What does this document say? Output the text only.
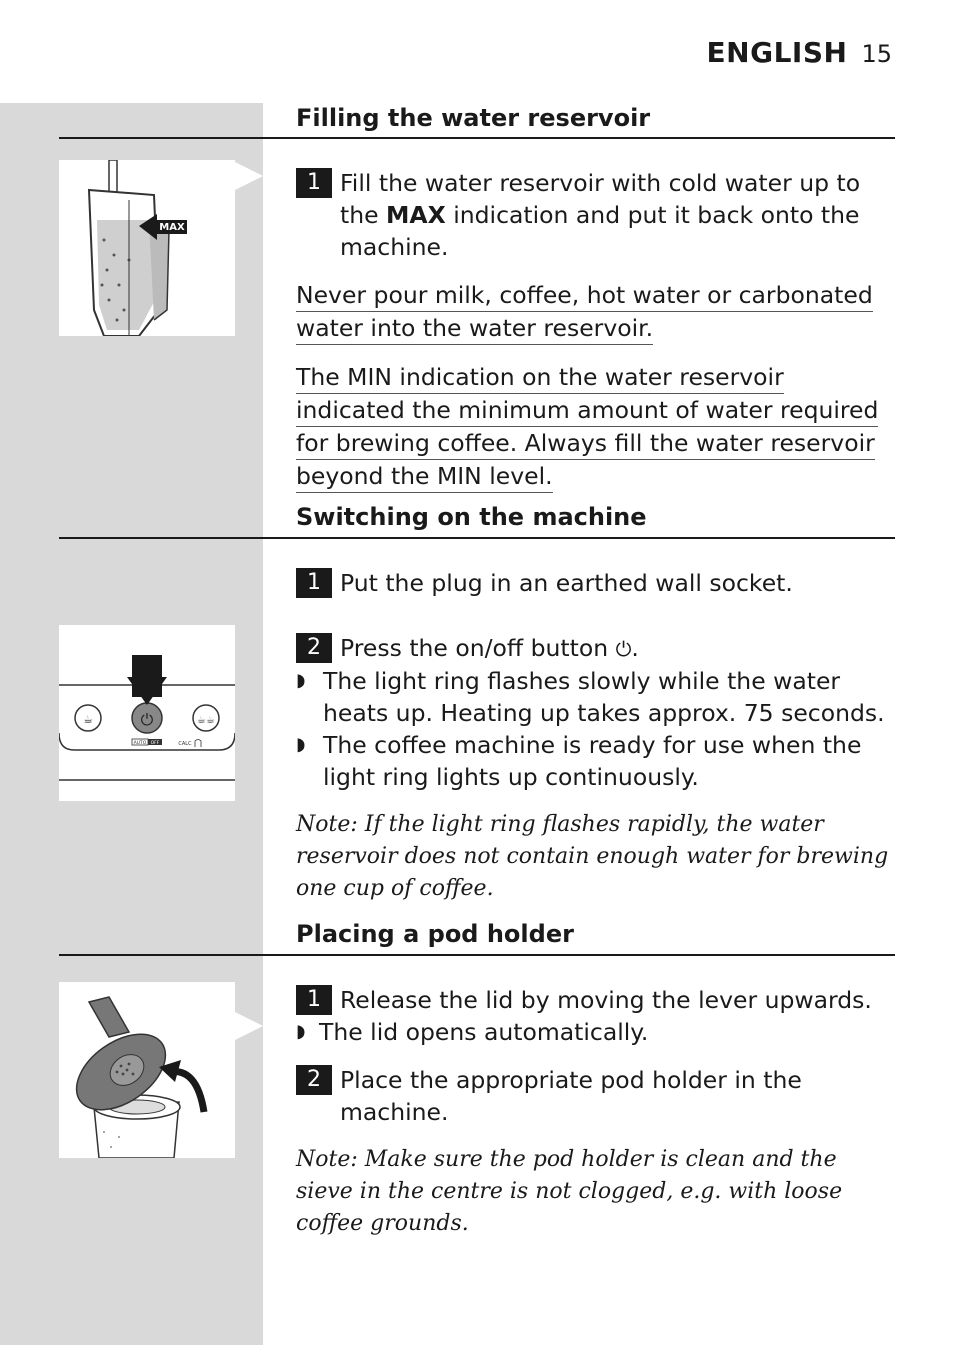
ENGLISH 15
Filling the water reservoir
MAX
1 Fill the water reservoir with cold water up to the MAX indication and put it back onto the machine.
Never pour milk, coffee, hot water or carbonated
water into the water reservoir.
The MIN indication on the water reservoir
indicated the minimum amount of water required
for brewing coffee. Always fill the water reservoir
beyond the MIN level.
Switching on the machine
☕	⏻	☕☕
AUTO OFF	CALC
1 Put the plug in an earthed wall socket.
2 Press the on/off button ⏻.
◗ The light ring flashes slowly while the water heats up. Heating up takes approx. 75 seconds.
◗ The coffee machine is ready for use when the light ring lights up continuously.
Note: If the light ring flashes rapidly, the water reservoir does not contain enough water for brewing one cup of coffee.
Placing a pod holder
1 Release the lid by moving the lever upwards.
◗ The lid opens automatically.
2 Place the appropriate pod holder in the machine.
Note: Make sure the pod holder is clean and the sieve in the centre is not clogged, e.g. with loose coffee grounds.
